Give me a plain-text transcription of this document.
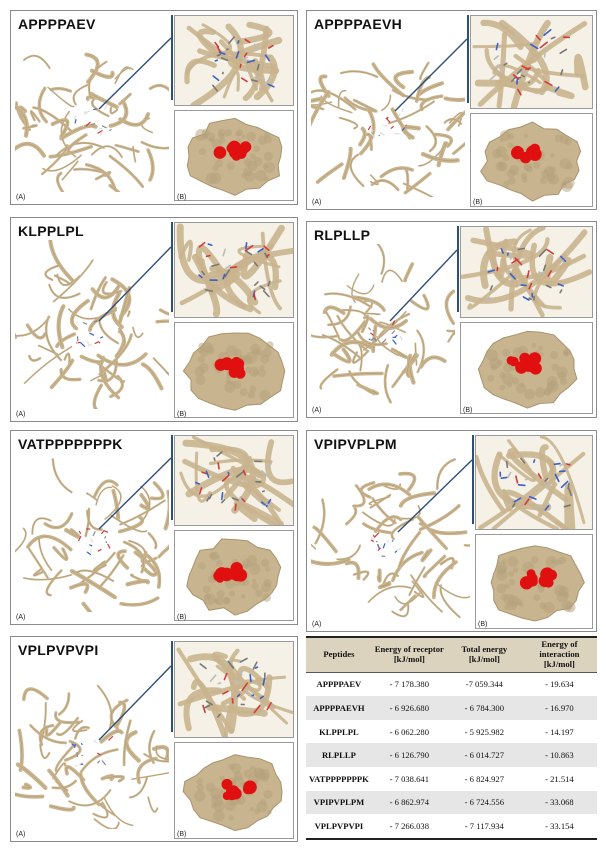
APPPPAEV
(A)	(B)
APPPPAEVH
(A)	(B)
KLPPLPL
(A)	(B)
RLPLLP
(A)	(B)
VATPPPPPPPK
(A)	(B)
VPIPVPLPM
(A)	(B)
VPLPVPVPI
(A)	(B)
Peptides	Energy of receptor [kJ/mol]	Total energy [kJ/mol]	Energy of interaction [kJ/mol]
APPPPAEV	- 7 178.380	-7 059.344	- 19.634
APPPPAEVH	- 6 926.680	- 6 784.300	- 16.970
KLPPLPL	- 6 062.280	- 5 925.982	- 14.197
RLPLLP	- 6 126.790	- 6 014.727	- 10.863
VATPPPPPPPK	- 7 038.641	- 6 824.927	- 21.514
VPIPVPLPM	- 6 862.974	- 6 724.556	- 33.068
VPLPVPVPI	- 7 266.038	- 7 117.934	- 33.154
